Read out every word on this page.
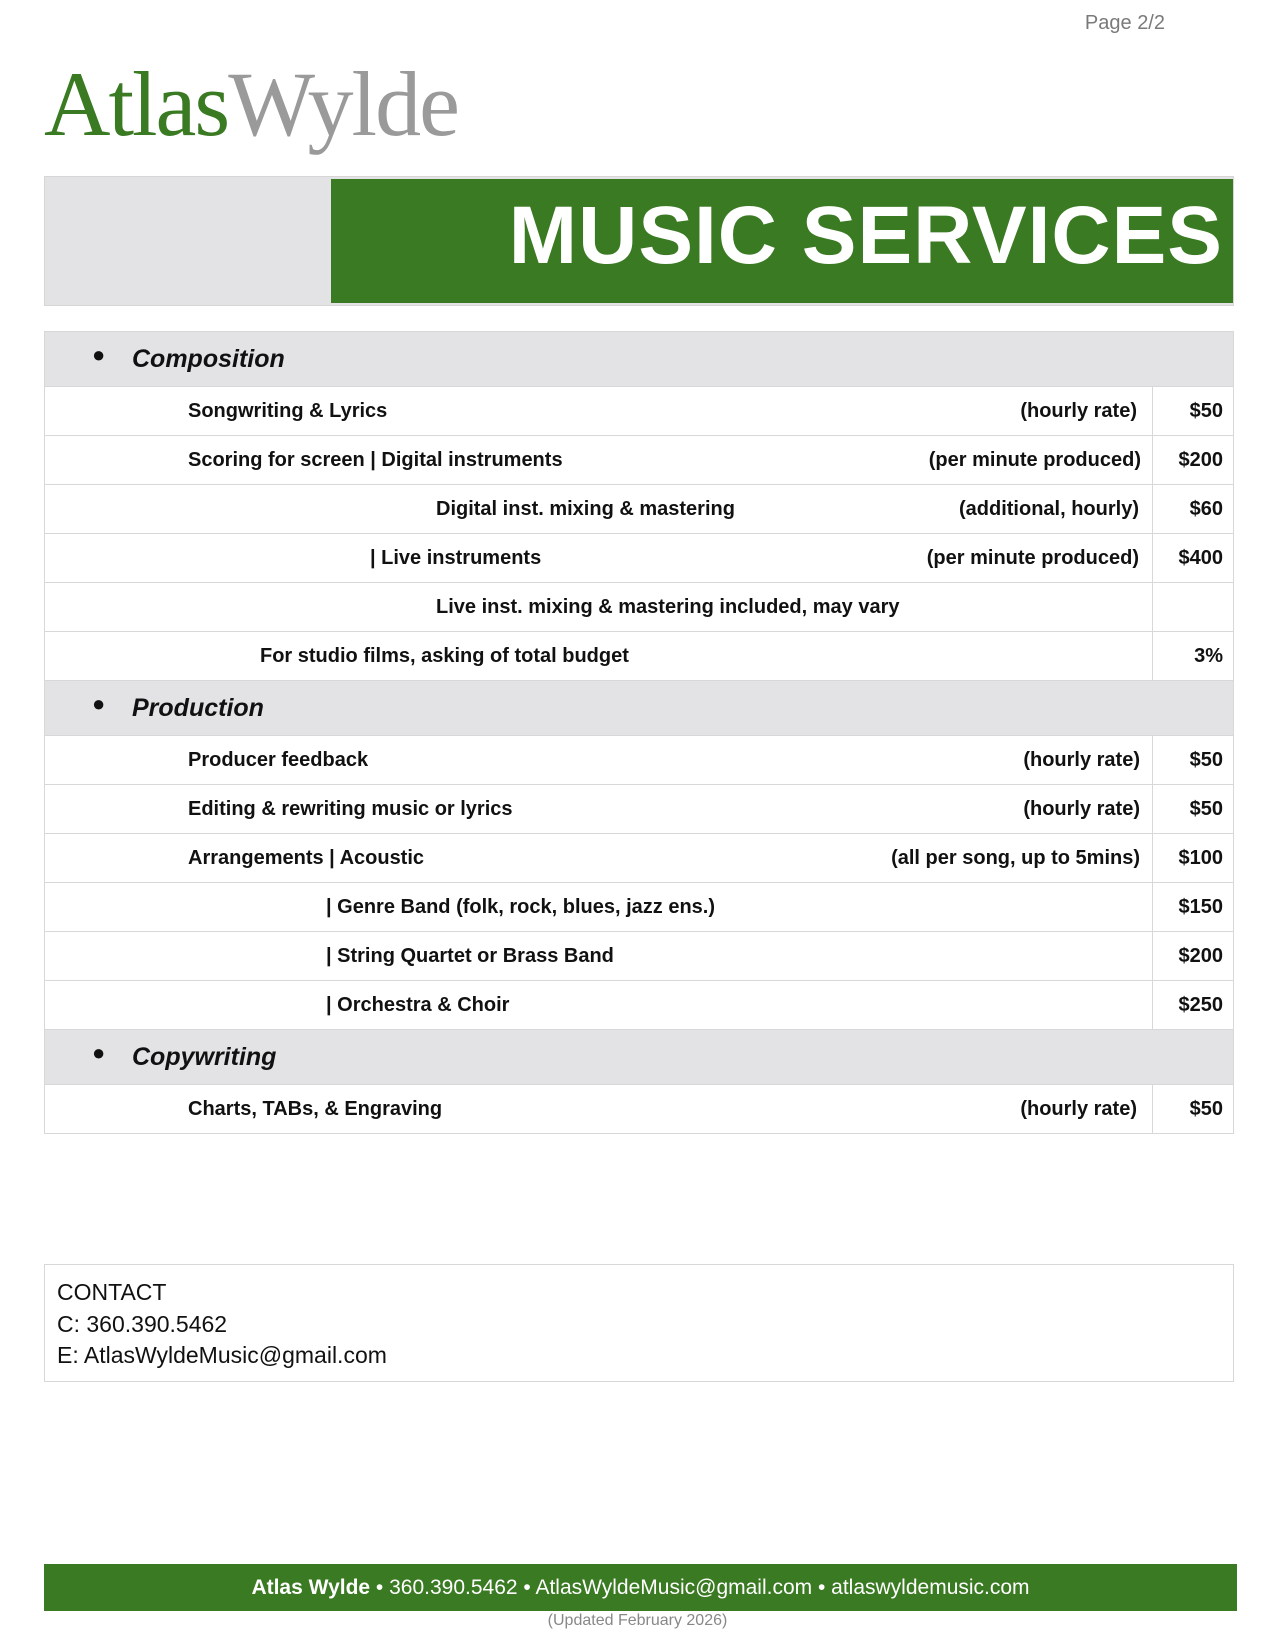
Page 2/2
AtlasWylde
MUSIC SERVICES
● Composition
Songwriting & Lyrics	(hourly rate)	$50
Scoring for screen | Digital instruments	(per minute produced) $200
Digital inst. mixing & mastering	(additional, hourly)	$60
| Live instruments	(per minute produced) $400
Live inst. mixing & mastering included, may vary
For studio films, asking of total budget	3%
● Production
Producer feedback	(hourly rate) $50
Editing & rewriting music or lyrics	(hourly rate) $50
Arrangements | Acoustic	(all per song, up to 5mins) $100
| Genre Band (folk, rock, blues, jazz ens.)	$150
| String Quartet or Brass Band	$200
| Orchestra & Choir	$250
● Copywriting
Charts, TABs, & Engraving	(hourly rate)	$50
CONTACT
C: 360.390.5462
E: AtlasWyldeMusic@gmail.com
Atlas Wylde • 360.390.5462 • AtlasWyldeMusic@gmail.com • atlaswyldemusic.com
(Updated February 2026)
